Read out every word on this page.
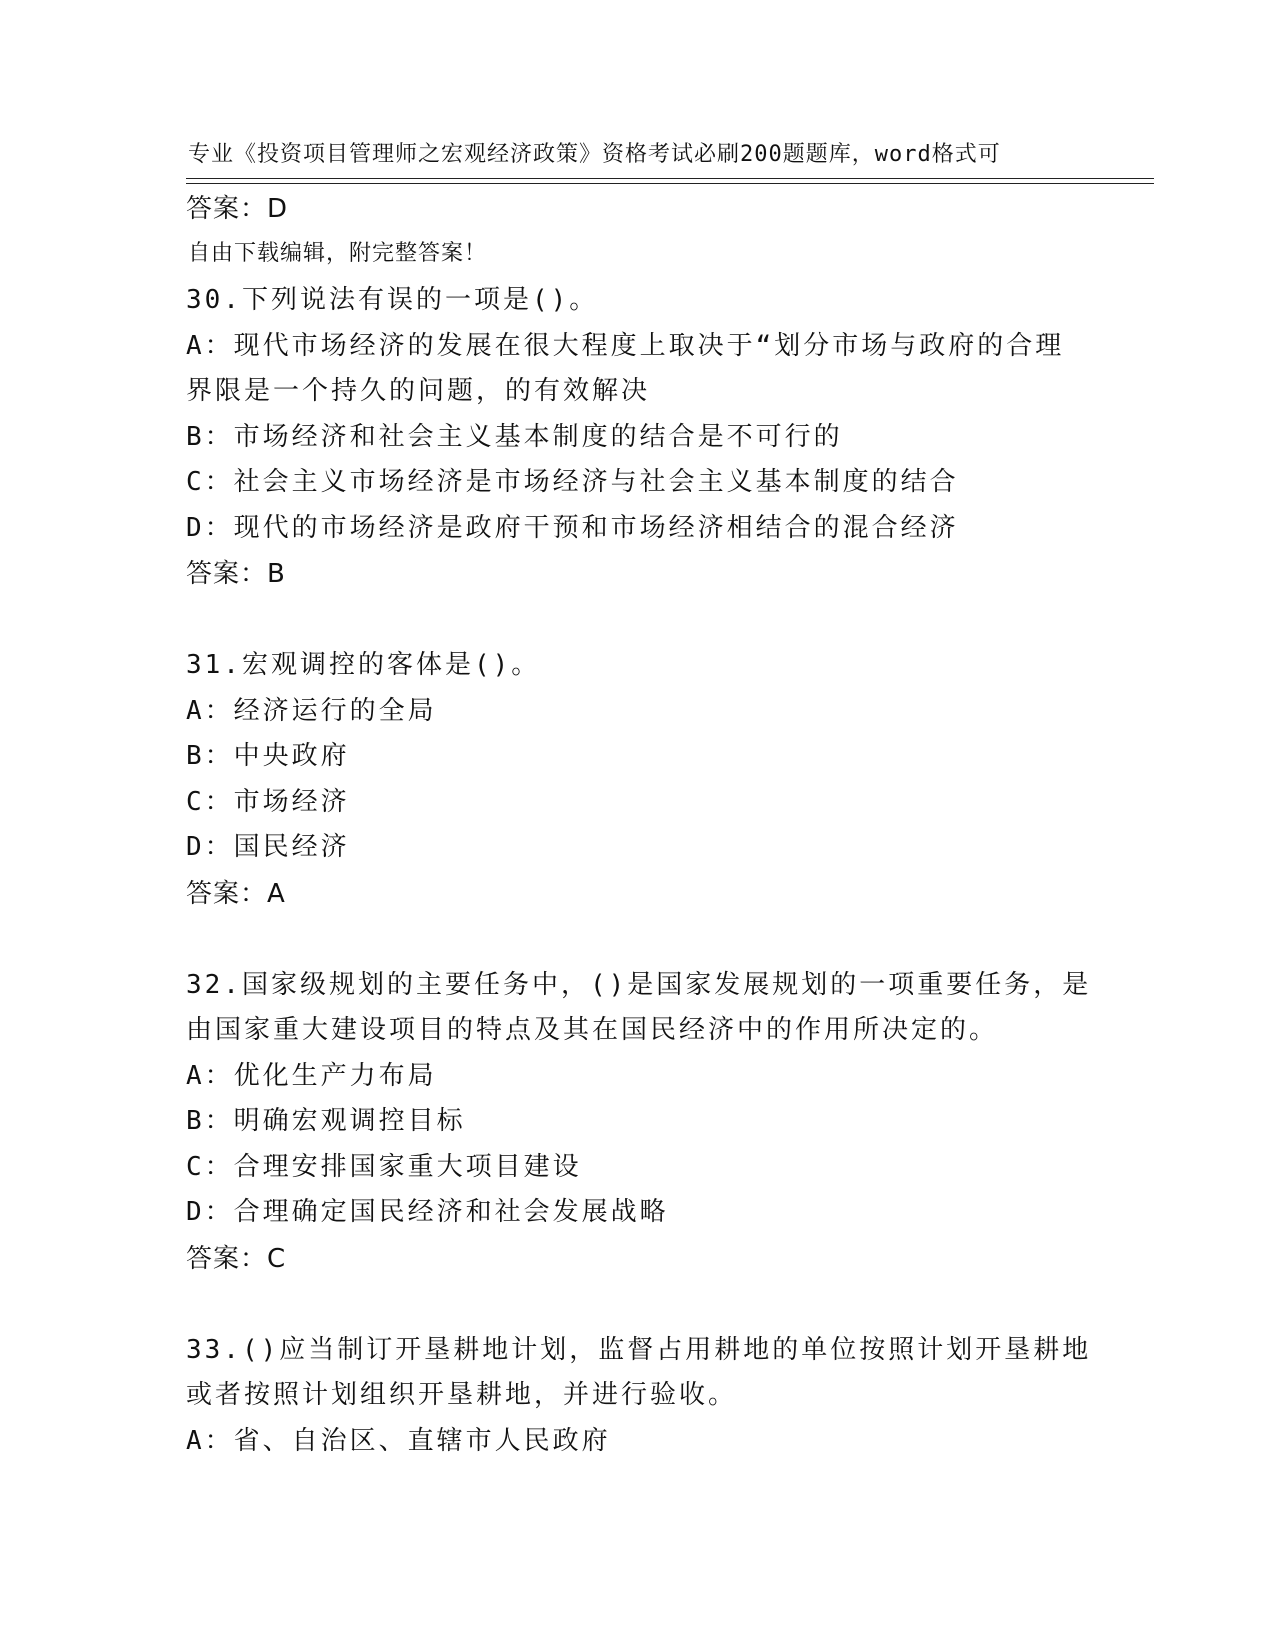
专业《投资项目管理师之宏观经济政策》资格考试必刷200题题库，word格式可

自由下载编辑，附完整答案！

答案：D
30.下列说法有误的一项是()。
A：现代市场经济的发展在很大程度上取决于“划分市场与政府的合理
界限是一个持久的问题，的有效解决
B：市场经济和社会主义基本制度的结合是不可行的
C：社会主义市场经济是市场经济与社会主义基本制度的结合
D：现代的市场经济是政府干预和市场经济相结合的混合经济
答案：B
31.宏观调控的客体是()。
A：经济运行的全局
B：中央政府
C：市场经济
D：国民经济
答案：A
32.国家级规划的主要任务中，()是国家发展规划的一项重要任务，是
由国家重大建设项目的特点及其在国民经济中的作用所决定的。
A：优化生产力布局
B：明确宏观调控目标
C：合理安排国家重大项目建设
D：合理确定国民经济和社会发展战略
答案：C
33.()应当制订开垦耕地计划，监督占用耕地的单位按照计划开垦耕地
或者按照计划组织开垦耕地，并进行验收。
A：省、自治区、直辖市人民政府
